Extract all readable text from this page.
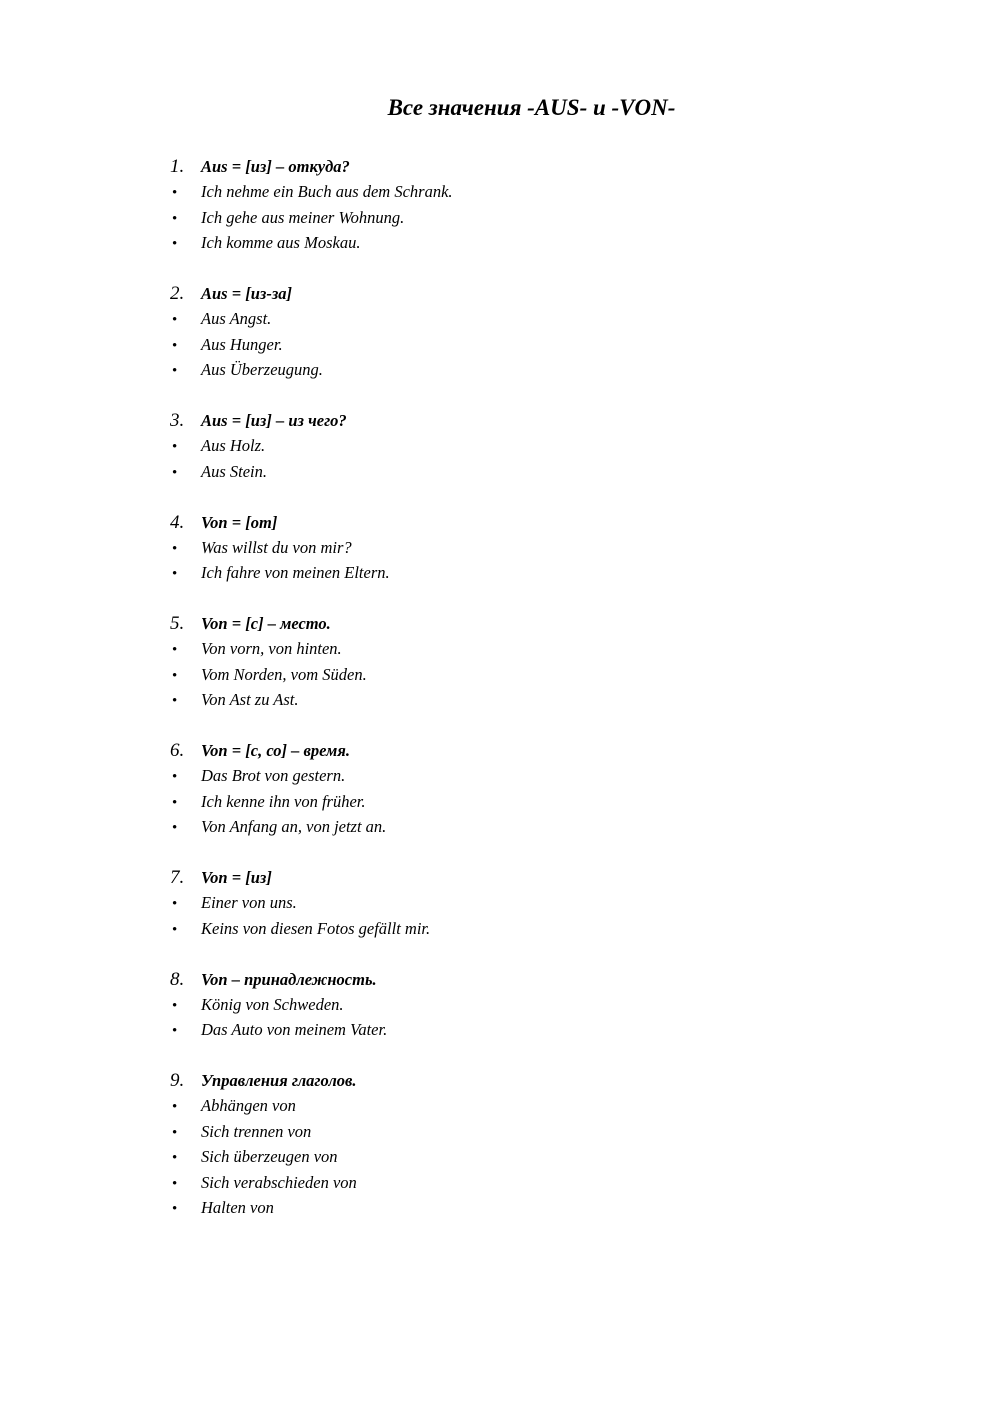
Все значения -AUS- и -VON-
1.	Aus = [из] – откуда?
•	Ich nehme ein Buch aus dem Schrank.
•	Ich gehe aus meiner Wohnung.
•	Ich komme aus Moskau.
2.	Aus = [из-за]
•	Aus Angst.
•	Aus Hunger.
•	Aus Überzeugung.
3.	Aus = [из] – из чего?
•	Aus Holz.
•	Aus Stein.
4.	Von = [от]
•	Was willst du von mir?
•	Ich fahre von meinen Eltern.
5.	Von = [с] – место.
•	Von vorn, von hinten.
•	Vom Norden, vom Süden.
•	Von Ast zu Ast.
6.	Von = [с, со] – время.
•	Das Brot von gestern.
•	Ich kenne ihn von früher.
•	Von Anfang an, von jetzt an.
7.	Von = [из]
•	Einer von uns.
•	Keins von diesen Fotos gefällt mir.
8.	Von – принадлежность.
•	König von Schweden.
•	Das Auto von meinem Vater.
9.	Управления глаголов.
•	Abhängen von
•	Sich trennen von
•	Sich überzeugen von
•	Sich verabschieden von
•	Halten von
